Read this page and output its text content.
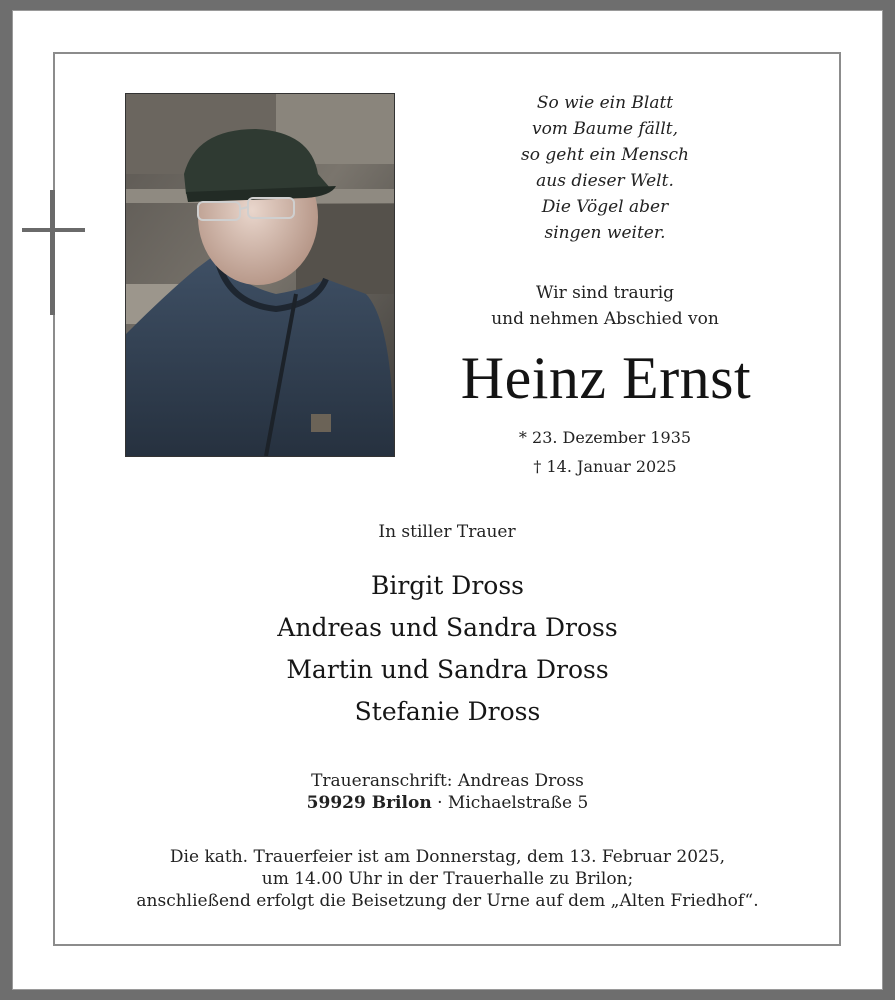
So wie ein Blatt
vom Baume fällt,
so geht ein Mensch
aus dieser Welt.
Die Vögel aber
singen weiter.
Wir sind traurig
und nehmen Abschied von
Heinz Ernst
* 23. Dezember 1935
† 14. Januar 2025
In stiller Trauer
Birgit Dross
Andreas und Sandra Dross
Martin und Sandra Dross
Stefanie Dross
Traueranschrift: Andreas Dross
59929 Brilon · Michaelstraße 5
Die kath. Trauerfeier ist am Donnerstag, dem 13. Februar 2025,
um 14.00 Uhr in der Trauerhalle zu Brilon;
anschließend erfolgt die Beisetzung der Urne auf dem „Alten Friedhof“.
